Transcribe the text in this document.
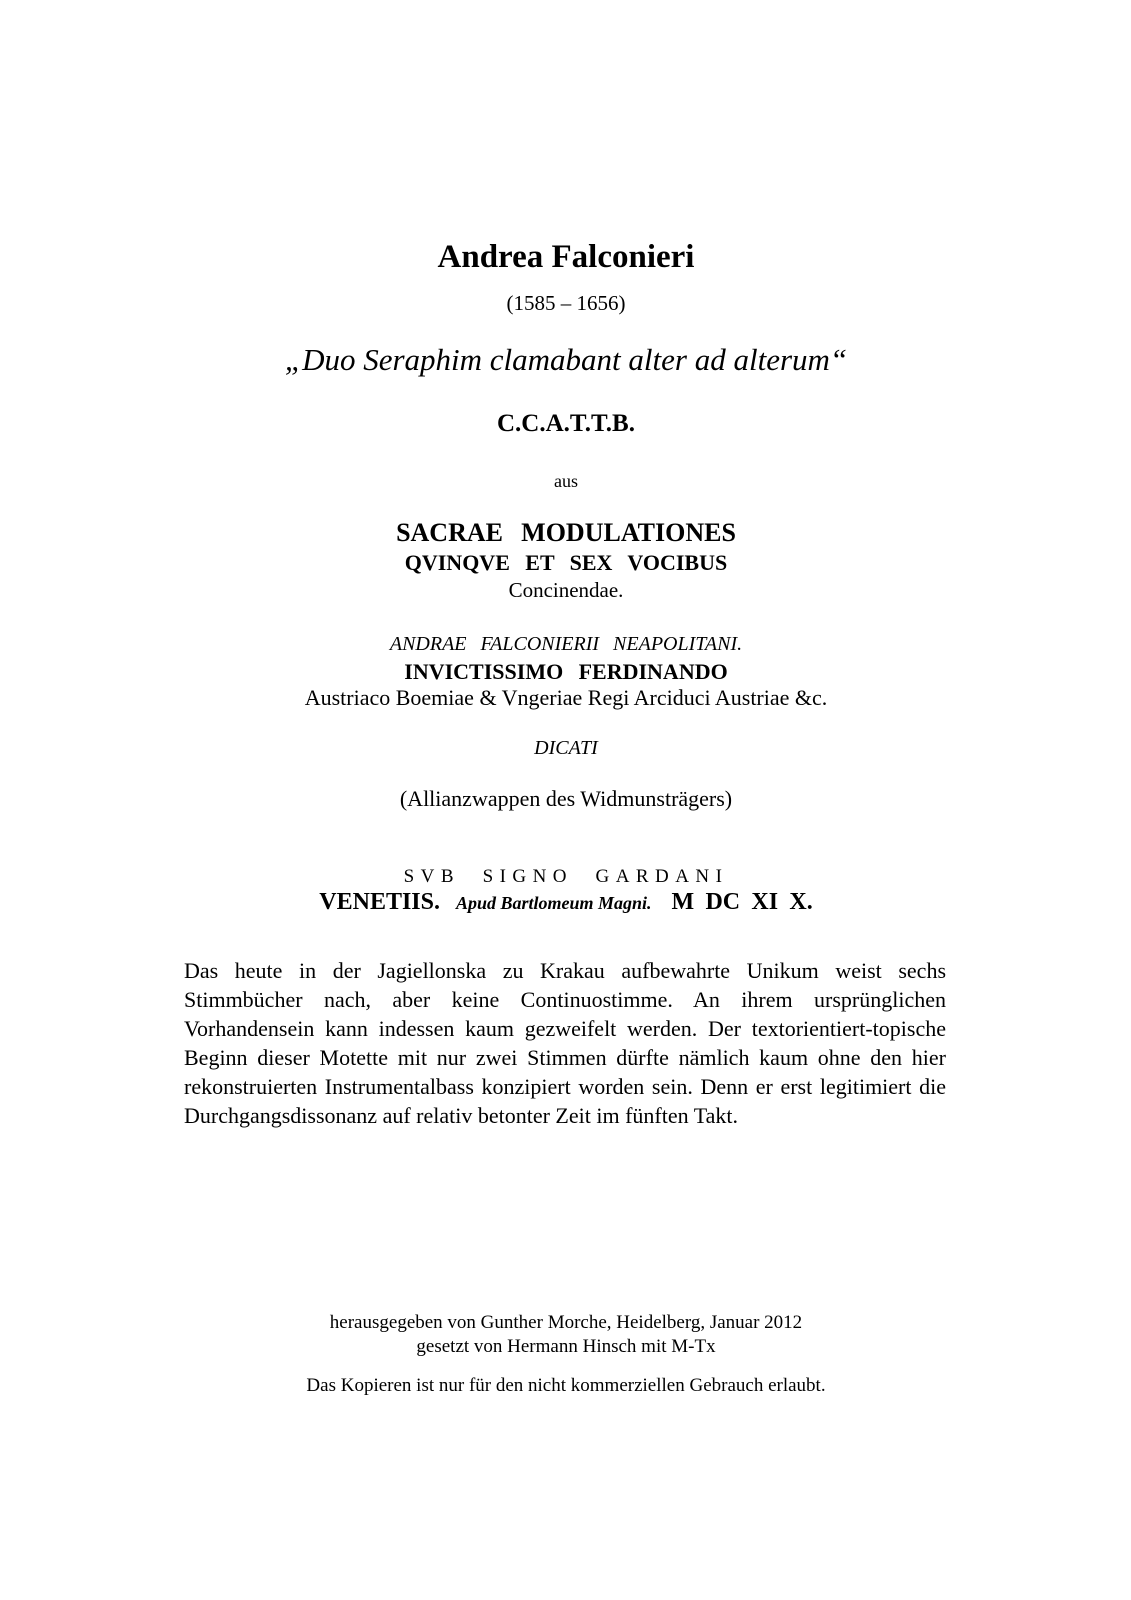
Andrea Falconieri
(1585 – 1656)
„Duo Seraphim clamabant alter ad alterum“
C.C.A.T.T.B.
aus
SACRAE MODULATIONES
QVINQVE ET SEX VOCIBUS
Concinendae.
ANDRAE FALCONIERII NEAPOLITANI.
INVICTISSIMO FERDINANDO
Austriaco Boemiae & Vngeriae Regi Arciduci Austriae &c.
DICATI
(Allianzwappen des Widmunsträgers)
SVB SIGNO GARDANI
VENETIIS. Apud Bartlomeum Magni. M DC XI X.
Das heute in der Jagiellonska zu Krakau aufbewahrte Unikum weist sechs Stimmbücher nach, aber keine Continuostimme. An ihrem ursprünglichen Vorhandensein kann indessen kaum gezweifelt werden. Der textorientiert-topische Beginn dieser Motette mit nur zwei Stimmen dürfte nämlich kaum ohne den hier rekonstruierten Instrumentalbass konzipiert worden sein. Denn er erst legitimiert die Durchgangsdissonanz auf relativ betonter Zeit im fünften Takt.
herausgegeben von Gunther Morche, Heidelberg, Januar 2012
gesetzt von Hermann Hinsch mit M-Tx
Das Kopieren ist nur für den nicht kommerziellen Gebrauch erlaubt.
